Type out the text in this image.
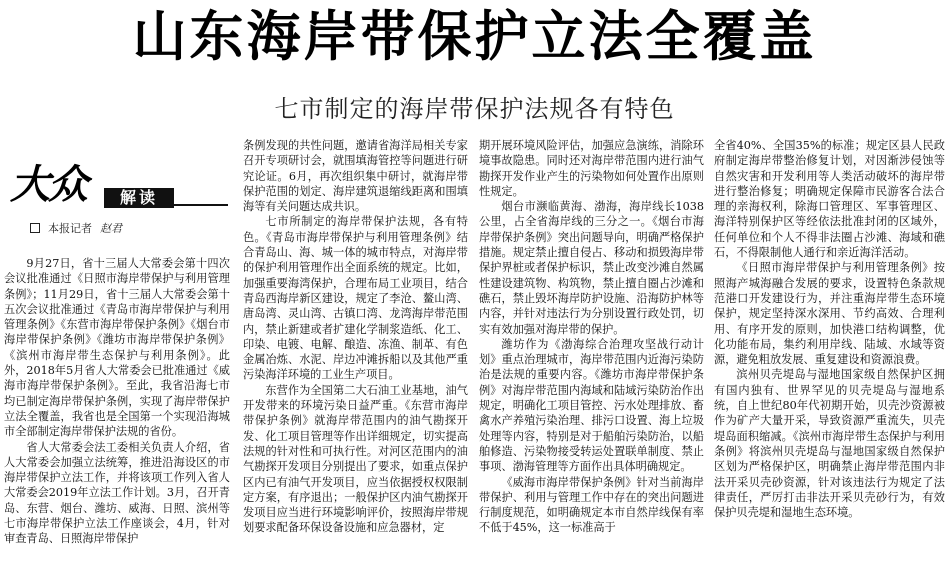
山东海岸带保护立法全覆盖
七市制定的海岸带保护法规各有特色
大众	解读
本报记者 赵君

9月27日，省十三届人大常委会第十四次会议批准通过《日照市海岸带保护与利用管理条例》；11月29日，省十三届人大常委会第十五次会议批准通过《青岛市海岸带保护与利用管理条例》《东营市海岸带保护条例》《烟台市海岸带保护条例》《潍坊市海岸带保护条例》《滨州市海岸带生态保护与利用条例》。此外，2018年5月省人大常委会已批准通过《威海市海岸带保护条例》。至此，我省沿海七市均已制定海岸带保护条例，实现了海岸带保护立法全覆盖，我省也是全国第一个实现沿海城市全部制定海岸带保护法规的省份。

省人大常委会法工委相关负责人介绍，省人大常委会加强立法统筹，推进沿海设区的市海岸带保护立法工作，并将该项工作列入省人大常委会2019年立法工作计划。3月，召开青岛、东营、烟台、潍坊、威海、日照、滨州等七市海岸带保护立法工作座谈会，4月，针对审查青岛、日照海岸带保护

条例发现的共性问题，邀请省海洋局相关专家召开专项研讨会，就围填海管控等问题进行研究论证。6月，再次组织集中研讨，就海岸带保护范围的划定、海岸建筑退缩线距离和围填海等有关问题达成共识。

七市所制定的海岸带保护法规，各有特色。《青岛市海岸带保护与利用管理条例》结合青岛山、海、城一体的城市特点，对海岸带的保护利用管理作出全面系统的规定。比如，加强重要海湾保护，合理布局工业项目，结合青岛西海岸新区建设，规定了李沧、鳌山湾、唐岛湾、灵山湾、古镇口湾、龙湾海岸带范围内，禁止新建或者扩建化学制浆造纸、化工、印染、电镀、电解、酿造、冻渔、制革、有色金属冶炼、水泥、岸边冲滩拆船以及其他严重污染海洋环境的工业生产项目。

东营作为全国第二大石油工业基地，油气开发带来的环境污染日益严重。《东营市海岸带保护条例》就海岸带范围内的油气勘探开发、化工项目管理等作出详细规定，切实提高法规的针对性和可执行性。对河区范围内的油气勘探开发项目分别提出了要求，如重点保护区内已有油气开发项目，应当依据授权权限制定方案，有序退出；一般保护区内油气勘探开发项目应当进行环境影响评价，按照海岸带规划要求配备环保设备设施和应急器材，定

期开展环境风险评估，加强应急演练，消除环境事故隐患。同时还对海岸带范围内进行油气勘探开发作业产生的污染物如何处置作出原则性规定。

烟台市濒临黄海、渤海，海岸线长1038公里，占全省海岸线的三分之一。《烟台市海岸带保护条例》突出问题导向，明确严格保护措施。规定禁止擅自侵占、移动和损毁海岸带保护界桩或者保护标识，禁止改变沙滩自然属性建设建筑物、构筑物，禁止擅自圈占沙滩和礁石，禁止毁坏海岸防护设施、沿海防护林等内容，并针对违法行为分别设置行政处罚，切实有效加强对海岸带的保护。

潍坊作为《渤海综合治理攻坚战行动计划》重点治理城市，海岸带范围内近海污染防治是法规的重要内容。《潍坊市海岸带保护条例》对海岸带范围内海域和陆域污染防治作出规定，明确化工项目管控、污水处理排放、畜禽水产养殖污染治理、排污口设置、海上垃圾处理等内容，特别是对于船舶污染防治，以船舶修造、污染物接受转运处置联单制度、禁止事项、渤海管理等方面作出具体明确规定。

《威海市海岸带保护条例》针对当前海岸带保护、利用与管理工作中存在的突出问题进行制度规范，如明确规定本市自然岸线保有率不低于45%，这一标准高于

全省40%、全国35%的标准；规定区县人民政府制定海岸带整治修复计划，对因渐涉侵蚀等自然灾害和开发利用等人类活动破坏的海岸带进行整治修复；明确规定保障市民游客合法合理的亲海权利，除海口管理区、军事管理区、海洋特别保护区等经依法批准封闭的区域外，任何单位和个人不得非法圈占沙滩、海域和礁石，不得限制他人通行和亲近海洋活动。

《日照市海岸带保护与利用管理条例》按照海产城海融合发展的要求，设置特色条款规范港口开发建设行为，并注重海岸带生态环境保护，规定坚持深水深用、节约高效、合理利用、有序开发的原则，加快港口结构调整，优化功能布局，集约利用岸线、陆域、水域等资源，避免粗放发展、重复建设和资源浪费。

滨州贝壳堤岛与湿地国家级自然保护区拥有国内独有、世界罕见的贝壳堤岛与湿地系统，自上世纪80年代初期开始，贝壳沙资源被作为矿产大量开采，导致资源严重流失，贝壳堤岛面积缩减。《滨州市海岸带生态保护与利用条例》将滨州贝壳堤岛与湿地国家级自然保护区划为严格保护区，明确禁止海岸带范围内非法开采贝壳砂资源，针对该违法行为规定了法律责任，严厉打击非法开采贝壳砂行为，有效保护贝壳堤和湿地生态环境。
